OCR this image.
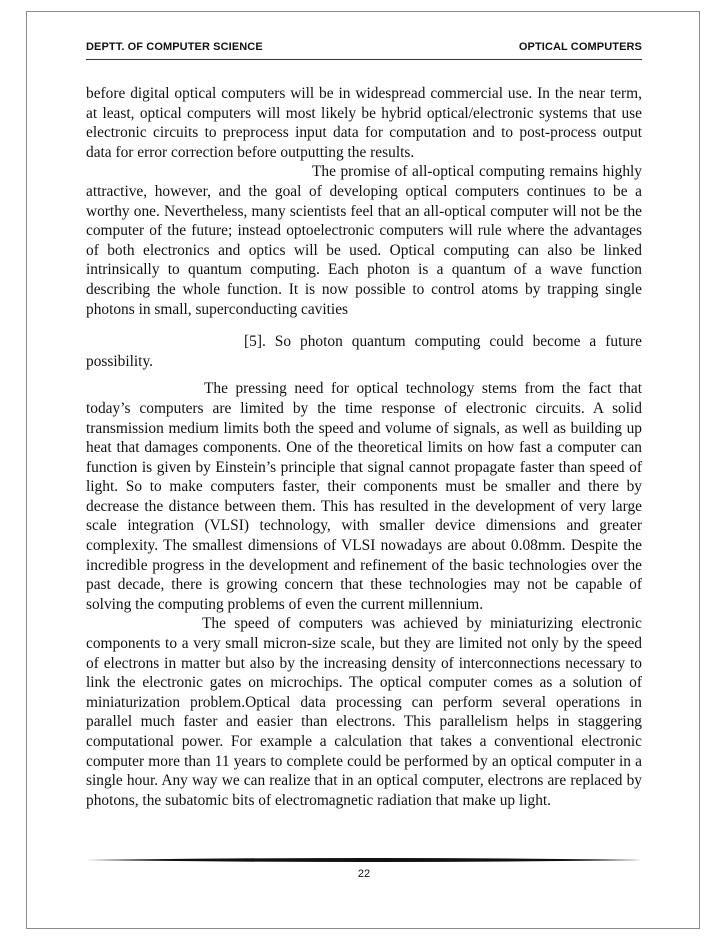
DEPTT. OF COMPUTER SCIENCE	OPTICAL COMPUTERS

before digital optical computers will be in widespread commercial use. In the near term, at least, optical computers will most likely be hybrid optical/electronic systems that use electronic circuits to preprocess input data for computation and to post-process output data for error correction before outputting the results.

The promise of all-optical computing remains highly attractive, however, and the goal of developing optical computers continues to be a worthy one. Nevertheless, many scientists feel that an all-optical computer will not be the computer of the future; instead optoelectronic computers will rule where the advantages of both electronics and optics will be used. Optical computing can also be linked intrinsically to quantum computing. Each photon is a quantum of a wave function describing the whole function. It is now possible to control atoms by trapping single photons in small, superconducting cavities

[5]. So photon quantum computing could become a future possibility.

The pressing need for optical technology stems from the fact that today’s computers are limited by the time response of electronic circuits. A solid transmission medium limits both the speed and volume of signals, as well as building up heat that damages components. One of the theoretical limits on how fast a computer can function is given by Einstein’s principle that signal cannot propagate faster than speed of light. So to make computers faster, their components must be smaller and there by decrease the distance between them. This has resulted in the development of very large scale integration (VLSI) technology, with smaller device dimensions and greater complexity. The smallest dimensions of VLSI nowadays are about 0.08mm. Despite the incredible progress in the development and refinement of the basic technologies over the past decade, there is growing concern that these technologies may not be capable of solving the computing problems of even the current millennium.

The speed of computers was achieved by miniaturizing electronic components to a very small micron-size scale, but they are limited not only by the speed of electrons in matter but also by the increasing density of interconnections necessary to link the electronic gates on microchips. The optical computer comes as a solution of miniaturization problem.Optical data processing can perform several operations in parallel much faster and easier than electrons. This parallelism helps in staggering computational power. For example a calculation that takes a conventional electronic computer more than 11 years to complete could be performed by an optical computer in a single hour. Any way we can realize that in an optical computer, electrons are replaced by photons, the subatomic bits of electromagnetic radiation that make up light.

22
